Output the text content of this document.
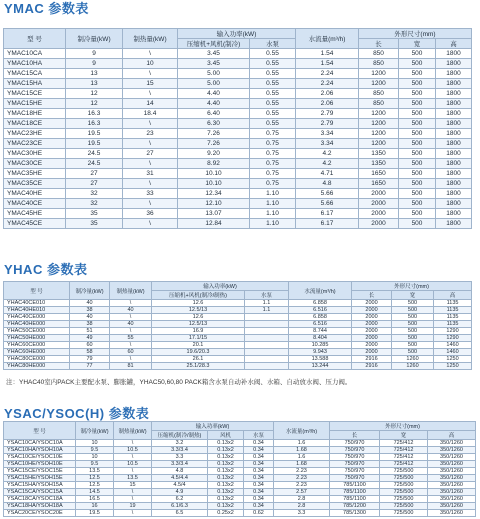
YMAC 参数表
型 号	制冷量(kW)	制热量(kW)	输入功率(kW)		水流量(m³/h)	外形尺寸(mm)		
			压缩机+风机(制冷)	水泵		长	宽	高
YMAC10CA	9	\	3.45	0.55	1.54	850	500	1800
YMAC10HA	9	10	3.45	0.55	1.54	850	500	1800
YMAC15CA	13	\	5.00	0.55	2.24	1200	500	1800
YMAC15HA	13	15	5.00	0.55	2.24	1200	500	1800
YMAC15CE	12	\	4.40	0.55	2.06	850	500	1800
YMAC15HE	12	14	4.40	0.55	2.06	850	500	1800
YMAC18HE	16.3	18.4	6.40	0.55	2.79	1200	500	1800
YMAC18CE	16.3	\	6.30	0.55	2.79	1200	500	1800
YMAC23HE	19.5	23	7.26	0.75	3.34	1200	500	1800
YMAC23CE	19.5	\	7.26	0.75	3.34	1200	500	1800
YMAC30HE	24.5	27	9.20	0.75	4.2	1350	500	1800
YMAC30CE	24.5	\	8.92	0.75	4.2	1350	500	1800
YMAC35HE	27	31	10.10	0.75	4.71	1650	500	1800
YMAC35CE	27	\	10.10	0.75	4.8	1650	500	1800
YMAC40HE	32	33	12.34	1.10	5.66	2000	500	1800
YMAC40CE	32	\	12.10	1.10	5.66	2000	500	1800
YMAC45HE	35	36	13.07	1.10	6.17	2000	500	1800
YMAC45CE	35	\	12.84	1.10	6.17	2000	500	1800
YHAC 参数表
型 号	制冷量(kW)	制热量(kW)	输入功率(kW)		水流量(m³/h)	外形尺寸(mm)		
			压缩机+风机(制冷/制热)	水泵		长	宽	高
YHAC40CE010	40	\	12.6	1.1	6.858	2000	500	1135
YHAC40HE010	38	40	12.5/13	1.1	6.516	2000	500	1135
YHAC40CE000	40	\	12.6		6.858	2000	500	1135
YHAC40HE000	38	40	12.5/13		6.516	2000	500	1135
YHAC50CE000	51	\	16.9		8.744	2000	500	1290
YHAC50HE000	49	55	17.1/15		8.404	2000	500	1290
YHAC60CE000	60	\	20.1		10.285	2000	500	1460
YHAC60HE000	58	60	19.6/20.3		9.943	2000	500	1460
YHAC80CE000	79	\	26.1		13.588	2916	1260	1250
YHAC80HE000	77	81	25.1/28.3		13.244	2916	1260	1250
注：YHAC40室内PACK主要配水泵、膨胀罐，YHAC50,60,80 PACK箱含水泵自动补水阀、水箱、自动放水阀、压力阀。
YSAC/YSOC(H) 参数表
型 号	制冷量(kW)	制热量(kW)	输入功率(kW)			水流量(m³/h)	外形尺寸(mm)		
			压缩机(制冷/制热)	风机	水泵		长	宽	高
YSAC10CA/YSOC10A	10	\	3.2	0.13x2	0.34	1.6	750/970	725/412	350/1260
YSAC10HA/YSOH10A	9.5	10.5	3.3/3.4	0.13x2	0.34	1.68	750/970	725/412	350/1260
YSAC10CE/YSOC10E	10	\	3.3	0.13x2	0.34	1.6	750/970	725/412	350/1260
YSAC10HE/YSOH10E	9.5	10.5	3.3/3.4	0.13x2	0.34	1.68	750/970	725/412	350/1260
YSAC15CE/YSOC15E	13.5	\	4.8	0.13x2	0.34	2.23	750/970	725/500	350/1260
YSAC15HE/YSOH15E	12.5	13.5	4.5/4.4	0.13x2	0.34	2.23	750/970	725/500	350/1260
YSAC15HA/YSOH15A	12.5	15	4.5/4	0.13x2	0.34	2.23	785/1100	725/500	350/1260
YSAC15CA/YSOC15A	14.5	\	4.9	0.13x2	0.34	2.57	785/1100	725/500	350/1260
YSAC18CA/YSOC18A	16.5	\	6.2	0.13x2	0.34	2.8	785/1100	725/500	350/1260
YSAC18HA/YSOH18A	16	19	6.1/6.3	0.13x2	0.34	2.8	785/1200	725/500	350/1260
YSAC20CE/YSOC20E	19.5	\	6.5	0.25x2	0.62	3.3	785/1300	725/500	350/1260
